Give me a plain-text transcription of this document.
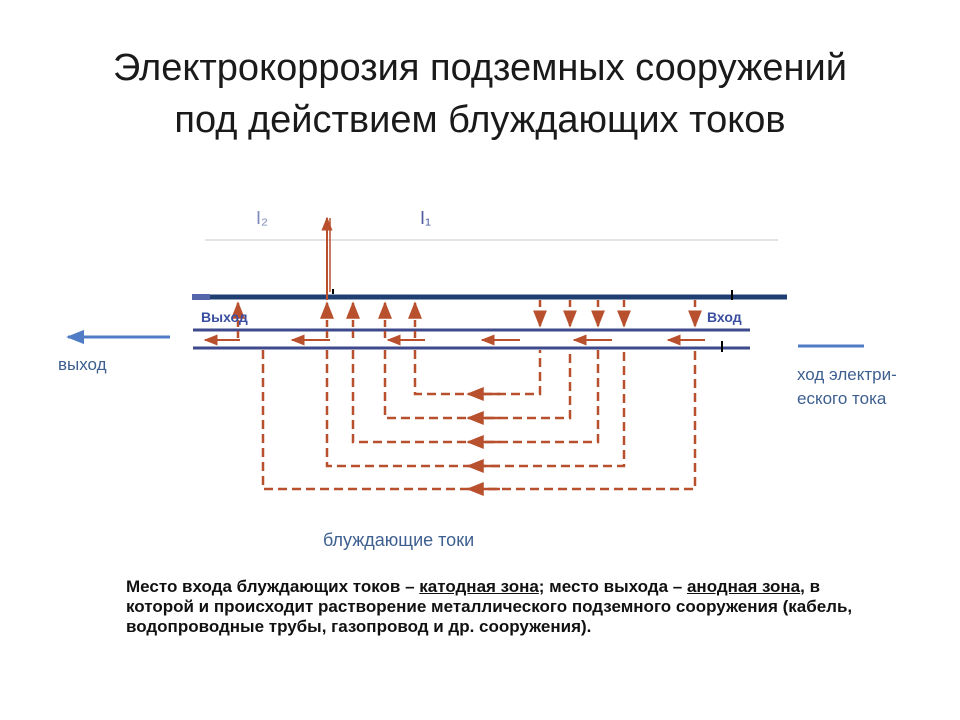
Электрокоррозия подземных сооружений
под действием блуждающих токов
I₂	I₁
Выход	Вход
выход
ход электри-
еского тока
блуждающие токи
Место входа блуждающих токов – катодная зона; место выхода – анодная зона, в которой и происходит растворение металлического подземного сооружения (кабель, водопроводные трубы, газопровод и др. сооружения).
